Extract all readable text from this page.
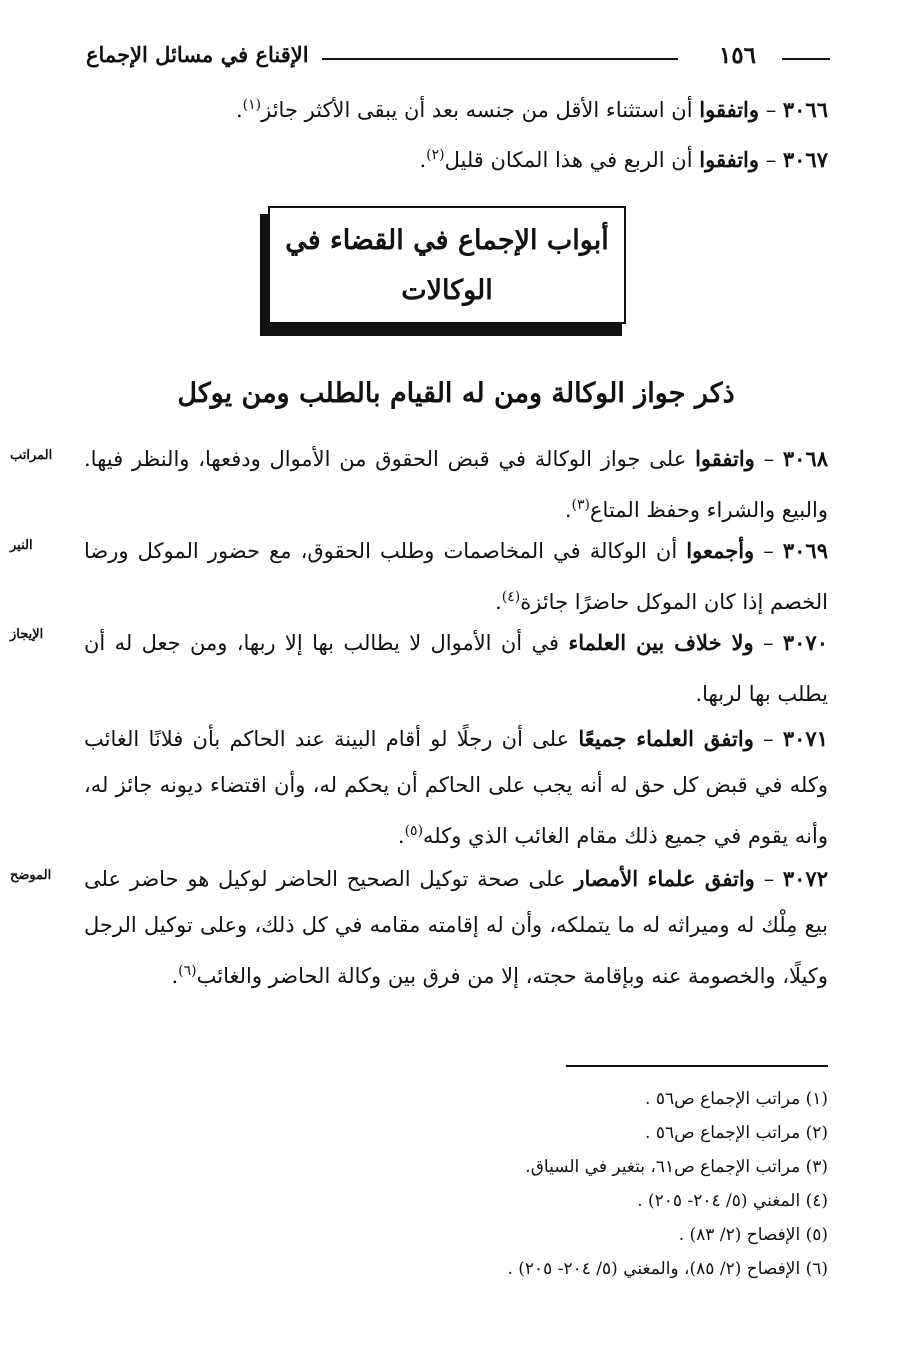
١٥٦
الإقناع في مسائل الإجماع
٣٠٦٦ – واتفقوا أن استثناء الأقل من جنسه بعد أن يبقى الأكثر جائز$^{(١)}$.
٣٠٦٧ – واتفقوا أن الربع في هذا المكان قليل$^{(٢)}$.
أبواب الإجماع في القضاء في
الوكالات
ذكر جواز الوكالة ومن له القيام بالطلب ومن يوكل
المراتب
النير
الإيجاز
الموضح
٣٠٦٨ – واتفقوا على جواز الوكالة في قبض الحقوق من الأموال ودفعها، والنظر فيها. والبيع والشراء وحفظ المتاع$^{(٣)}$.
٣٠٦٩ – وأجمعوا أن الوكالة في المخاصمات وطلب الحقوق، مع حضور الموكل ورضا الخصم إذا كان الموكل حاضرًا جائزة$^{(٤)}$.
٣٠٧٠ – ولا خلاف بين العلماء في أن الأموال لا يطالب بها إلا ربها، ومن جعل له أن يطلب بها لربها.
٣٠٧١ – واتفق العلماء جميعًا على أن رجلًا لو أقام البينة عند الحاكم بأن فلانًا الغائب وكله في قبض كل حق له أنه يجب على الحاكم أن يحكم له، وأن اقتضاء ديونه جائز له، وأنه يقوم في جميع ذلك مقام الغائب الذي وكله$^{(٥)}$.
٣٠٧٢ – واتفق علماء الأمصار على صحة توكيل الصحيح الحاضر لوكيل هو حاضر على بيع مِلْك له وميراثه له ما يتملكه، وأن له إقامته مقامه في كل ذلك، وعلى توكيل الرجل وكيلًا، والخصومة عنه وبإقامة حجته، إلا من فرق بين وكالة الحاضر والغائب$^{(٦)}$.
(١) مراتب الإجماع ص٥٦ .
(٢) مراتب الإجماع ص٥٦ .
(٣) مراتب الإجماع ص٦١، بتغير في السياق.
(٤) المغني (٥/ ٢٠٤- ٢٠٥) .
(٥) الإفصاح (٢/ ٨٣) .
(٦) الإفصاح (٢/ ٨٥)، والمغني (٥/ ٢٠٤- ٢٠٥) .
